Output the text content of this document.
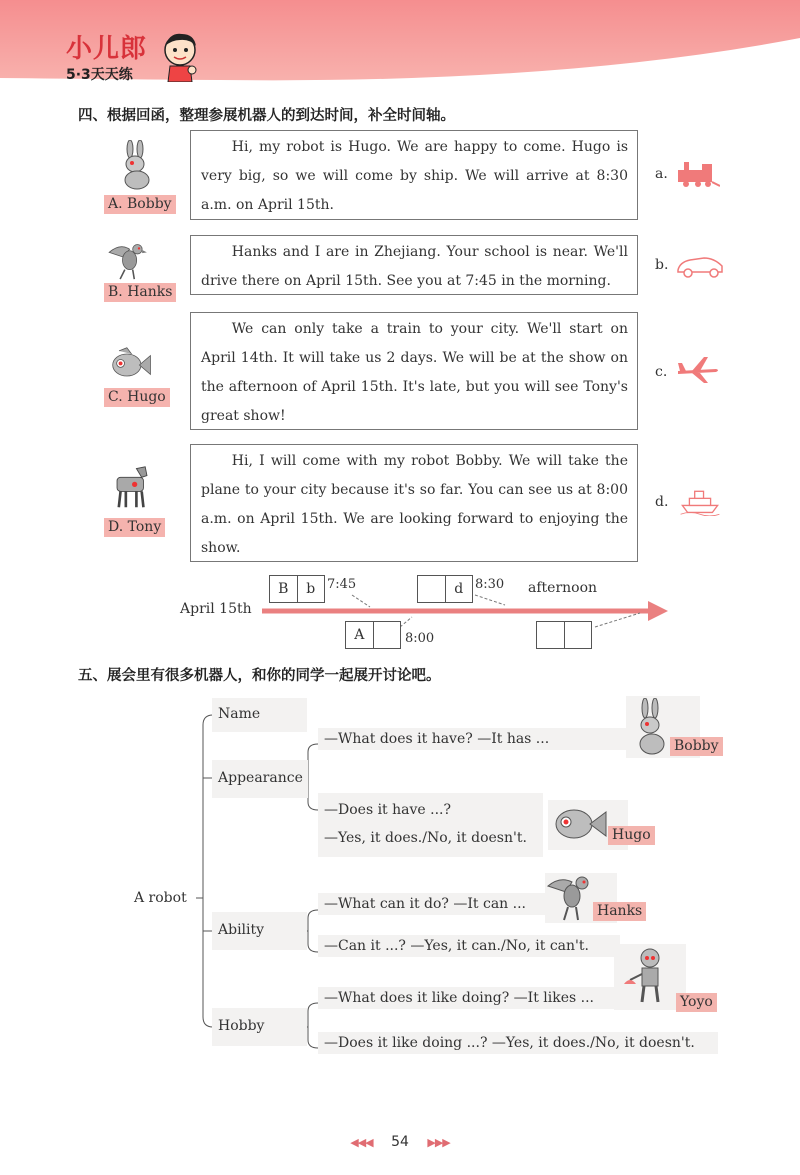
小儿郎
5·3天天练
四、根据回函，整理参展机器人的到达时间，补全时间轴。
A. Bobby
B. Hanks
C. Hugo
D. Tony

Hi, my robot is Hugo. We are happy to come. Hugo is very big, so we will come by ship. We will arrive at 8:30 a.m. on April 15th.

Hanks and I are in Zhejiang. Your school is near. We'll drive there on April 15th. See you at 7:45 in the morning.

We can only take a train to your city. We'll start on April 14th. It will take us 2 days. We will be at the show on the afternoon of April 15th. It's late, but you will see Tony's great show!

Hi, I will come with my robot Bobby. We will take the plane to your city because it's so far. You can see us at 8:00 a.m. on April 15th. We are looking forward to enjoying the show.

a.
b.
c.
d.
April 15th
B	b 7:45	d 8:30 afternoon
A	8:00
五、展会里有很多机器人，和你的同学一起展开讨论吧。
A robot
Name
Appearance
Ability
Hobby
—What does it have? —It has ...
—Does it have ...?
—Yes, it does./No, it doesn't.
—What can it do? —It can ...
—Can it ...? —Yes, it can./No, it can't.
—What does it like doing? —It likes ...
—Does it like doing ...? —Yes, it does./No, it doesn't.
Bobby
Hugo
Hanks
Yoyo
◀◀◀ 54 ▶▶▶
